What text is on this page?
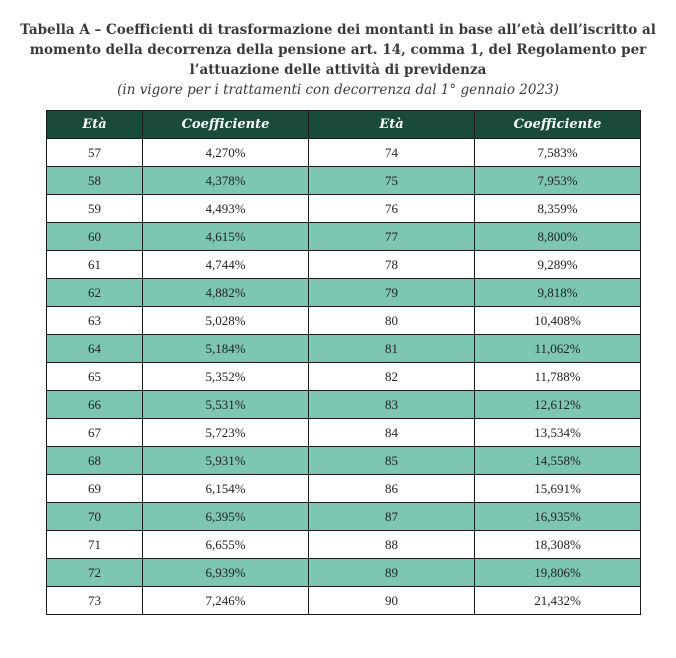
Tabella A – Coefficienti di trasformazione dei montanti in base all’età dell’iscritto al

momento della decorrenza della pensione art. 14, comma 1, del Regolamento per

l’attuazione delle attività di previdenza

(in vigore per i trattamenti con decorrenza dal 1° gennaio 2023)

Età	Coefficiente	Età	Coefficiente
57	4,270%	74	7,583%
58	4,378%	75	7,953%
59	4,493%	76	8,359%
60	4,615%	77	8,800%
61	4,744%	78	9,289%
62	4,882%	79	9,818%
63	5,028%	80	10,408%
64	5,184%	81	11,062%
65	5,352%	82	11,788%
66	5,531%	83	12,612%
67	5,723%	84	13,534%
68	5,931%	85	14,558%
69	6,154%	86	15,691%
70	6,395%	87	16,935%
71	6,655%	88	18,308%
72	6,939%	89	19,806%
73	7,246%	90	21,432%
